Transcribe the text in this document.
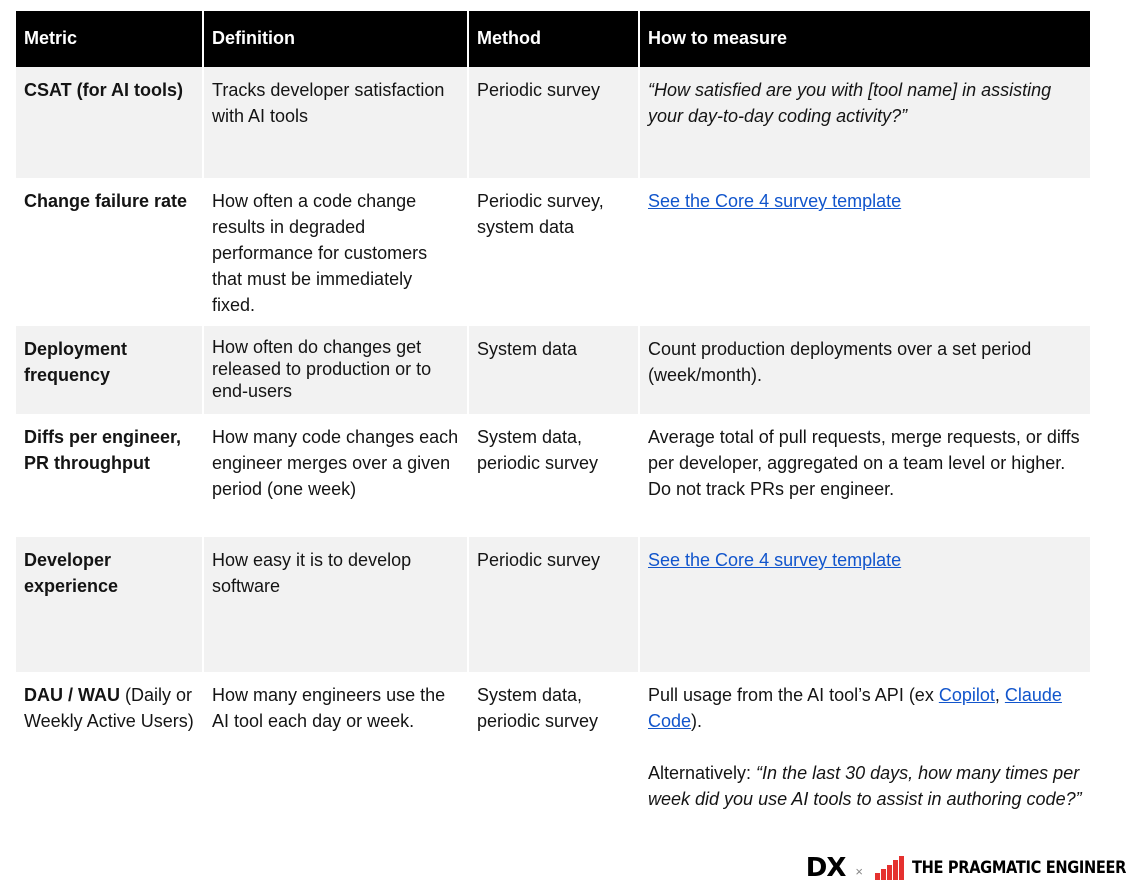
Metric	Definition	Method	How to measure
CSAT (for AI tools)	Tracks developer satisfaction with AI tools	Periodic survey	“How satisfied are you with [tool name] in assisting your day-to-day coding activity?”
Change failure rate	How often a code change results in degraded performance for customers that must be immediately fixed.	Periodic survey, system data	See the Core 4 survey template
Deployment frequency	How often do changes get released to production or to end-users	System data	Count production deployments over a set period (week/month).
Diffs per engineer, PR throughput	How many code changes each engineer merges over a given period (one week)	System data, periodic survey	Average total of pull requests, merge requests, or diffs per developer, aggregated on a team level or higher.
Do not track PRs per engineer.

Developer experience	How easy it is to develop software	Periodic survey	See the Core 4 survey template
DAU / WAU (Daily or Weekly Active Users)	How many engineers use the AI tool each day or week.	System data, periodic survey	Pull usage from the AI tool’s API (ex Copilot, Claude Code).
Alternatively: “In the last 30 days, how many times per week did you use AI tools to assist in authoring code?”
DX ×	THE PRAGMATIC ENGINEER
